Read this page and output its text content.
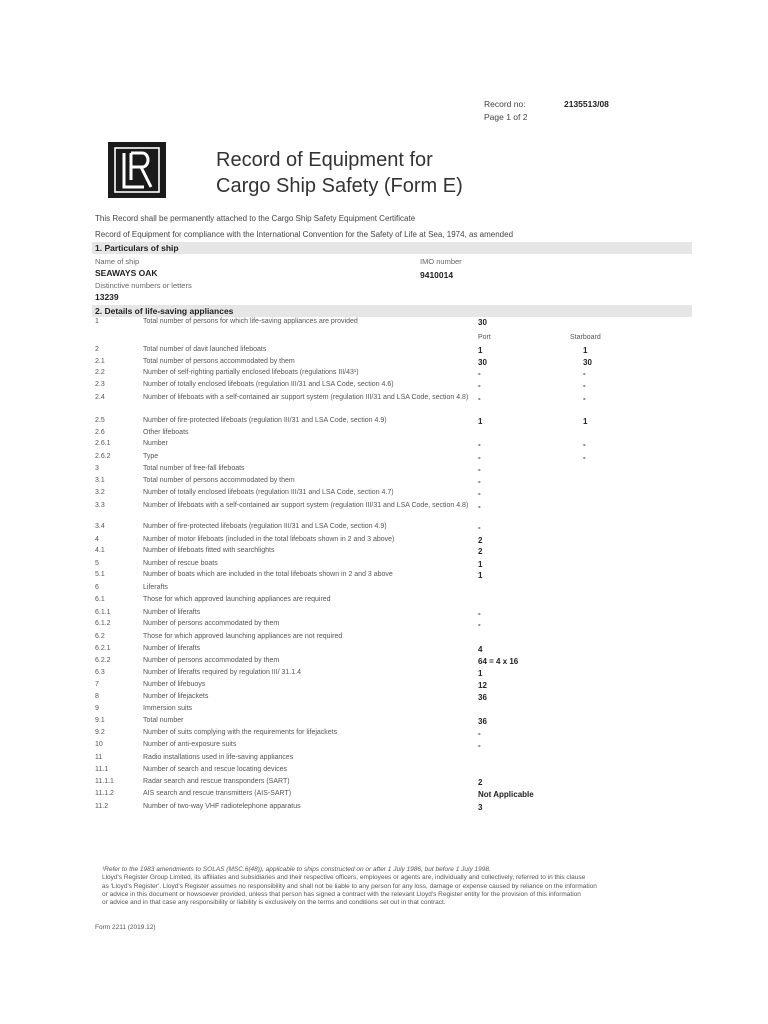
Record no:	2135513/08
Page 1 of 2
Record of Equipment for
Cargo Ship Safety (Form E)
This Record shall be permanently attached to the Cargo Ship Safety Equipment Certificate
Record of Equipment for compliance with the International Convention for the Safety of Life at Sea, 1974, as amended
1. Particulars of ship
Name of ship
SEAWAYS OAK
IMO number
9410014
Distinctive numbers or letters
13239
2. Details of life-saving appliances
1	Total number of persons for which life-saving appliances are provided	30
Port	Starboard
2	Total number of davit launched lifeboats	1	1
2.1	Total number of persons accommodated by them	30	30
2.2	Number of self-righting partially enclosed lifeboats (regulations III/43¹)	-	-
2.3	Number of totally enclosed lifeboats (regulation III/31 and LSA Code, section 4.6)	-	-
2.4	Number of lifeboats with a self-contained air support system (regulation III/31 and LSA Code, section 4.8)	-	-
2.5	Number of fire-protected lifeboats (regulation III/31 and LSA Code, section 4.9)	1	1
2.6	Other lifeboats
2.6.1	Number	-	-
2.6.2	Type	-	-
3	Total number of free-fall lifeboats	-
3.1	Total number of persons accommodated by them	-
3.2	Number of totally enclosed lifeboats (regulation III/31 and LSA Code, section 4.7)	-
3.3	Number of lifeboats with a self-contained air support system (regulation III/31 and LSA Code, section 4.8)	-
3.4	Number of fire-protected lifeboats (regulation III/31 and LSA Code, section 4.9)	-
4	Number of motor lifeboats (included in the total lifeboats shown in 2 and 3 above)	2
4.1	Number of lifeboats fitted with searchlights	2
5	Number of rescue boats	1
5.1	Number of boats which are included in the total lifeboats shown in 2 and 3 above	1
6	Liferafts
6.1	Those for which approved launching appliances are required
6.1.1	Number of liferafts	-
6.1.2	Number of persons accommodated by them	-
6.2	Those for which approved launching appliances are not required
6.2.1	Number of liferafts	4
6.2.2	Number of persons accommodated by them	64 = 4 x 16
6.3	Number of liferafts required by regulation III/ 31.1.4	1
7	Number of lifebuoys	12
8	Number of lifejackets	36
9	Immersion suits
9.1	Total number	36
9.2	Number of suits complying with the requirements for lifejackets	-
10	Number of anti-exposure suits	-
11	Radio installations used in life-saving appliances
11.1	Number of search and rescue locating devices
11.1.1	Radar search and rescue transponders (SART)	2
11.1.2	AIS search and rescue transmitters (AIS-SART)	Not Applicable
11.2	Number of two-way VHF radiotelephone apparatus	3
¹Refer to the 1983 amendments to SOLAS (MSC.6(48)), applicable to ships constructed on or after 1 July 1986, but before 1 July 1998.
Lloyd's Register Group Limited, its affiliates and subsidiaries and their respective officers, employees or agents are, individually and collectively, referred to in this clause
as 'Lloyd's Register'. Lloyd's Register assumes no responsibility and shall not be liable to any person for any loss, damage or expense caused by reliance on the information
or advice in this document or howsoever provided, unless that person has signed a contract with the relevant Lloyd's Register entity for the provision of this information
or advice and in that case any responsibility or liability is exclusively on the terms and conditions set out in that contract.
Form 2211 (2019.12)
